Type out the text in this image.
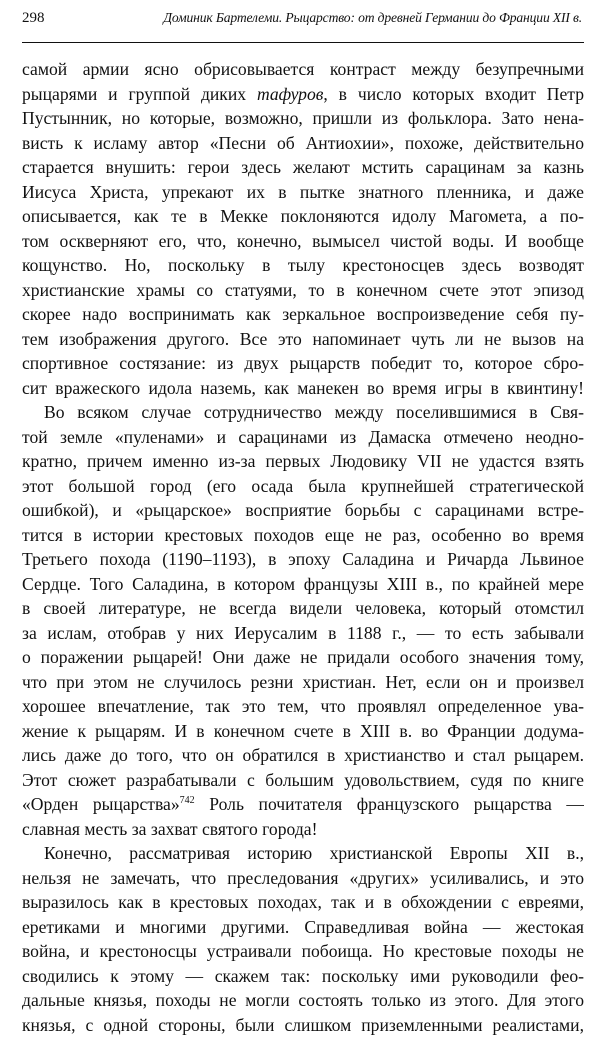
298	Доминик Бартелеми. Рыцарство: от древней Германии до Франции XII в.
самой армии ясно обрисовывается контраст между безупречными
рыцарями и группой диких тафуров, в число которых входит Петр
Пустынник, но которые, возможно, пришли из фольклора. Зато нена-
висть к исламу автор «Песни об Антиохии», похоже, действительно
старается внушить: герои здесь желают мстить сарацинам за казнь
Иисуса Христа, упрекают их в пытке знатного пленника, и даже
описывается, как те в Мекке поклоняются идолу Магомета, а по-
том оскверняют его, что, конечно, вымысел чистой воды. И вообще
кощунство. Но, поскольку в тылу крестоносцев здесь возводят
христианские храмы со статуями, то в конечном счете этот эпизод
скорее надо воспринимать как зеркальное воспроизведение себя пу-
тем изображения другого. Все это напоминает чуть ли не вызов на
спортивное состязание: из двух рыцарств победит то, которое сбро-
сит вражеского идола наземь, как манекен во время игры в квинтину!
Во всяком случае сотрудничество между поселившимися в Свя-
той земле «пуленами» и сарацинами из Дамаска отмечено неодно-
кратно, причем именно из-за первых Людовику VII не удастся взять
этот большой город (его осада была крупнейшей стратегической
ошибкой), и «рыцарское» восприятие борьбы с сарацинами встре-
тится в истории крестовых походов еще не раз, особенно во время
Третьего похода (1190–1193), в эпоху Саладина и Ричарда Львиное
Сердце. Того Саладина, в котором французы XIII в., по крайней мере
в своей литературе, не всегда видели человека, который отомстил
за ислам, отобрав у них Иерусалим в 1188 г., — то есть забывали
о поражении рыцарей! Они даже не придали особого значения тому,
что при этом не случилось резни христиан. Нет, если он и произвел
хорошее впечатление, так это тем, что проявлял определенное ува-
жение к рыцарям. И в конечном счете в XIII в. во Франции додума-
лись даже до того, что он обратился в христианство и стал рыцарем.
Этот сюжет разрабатывали с большим удовольствием, судя по книге
«Орден рыцарства»$^{742}$ Роль почитателя французского рыцарства —
славная месть за захват святого города!
Конечно, рассматривая историю христианской Европы XII в.,
нельзя не замечать, что преследования «других» усиливались, и это
выразилось как в крестовых походах, так и в обхождении с евреями,
еретиками и многими другими. Справедливая война — жестокая
война, и крестоносцы устраивали побоища. Но крестовые походы не
сводились к этому — скажем так: поскольку ими руководили фео-
дальные князья, походы не могли состоять только из этого. Для этого
князья, с одной стороны, были слишком приземленными реалистами,
